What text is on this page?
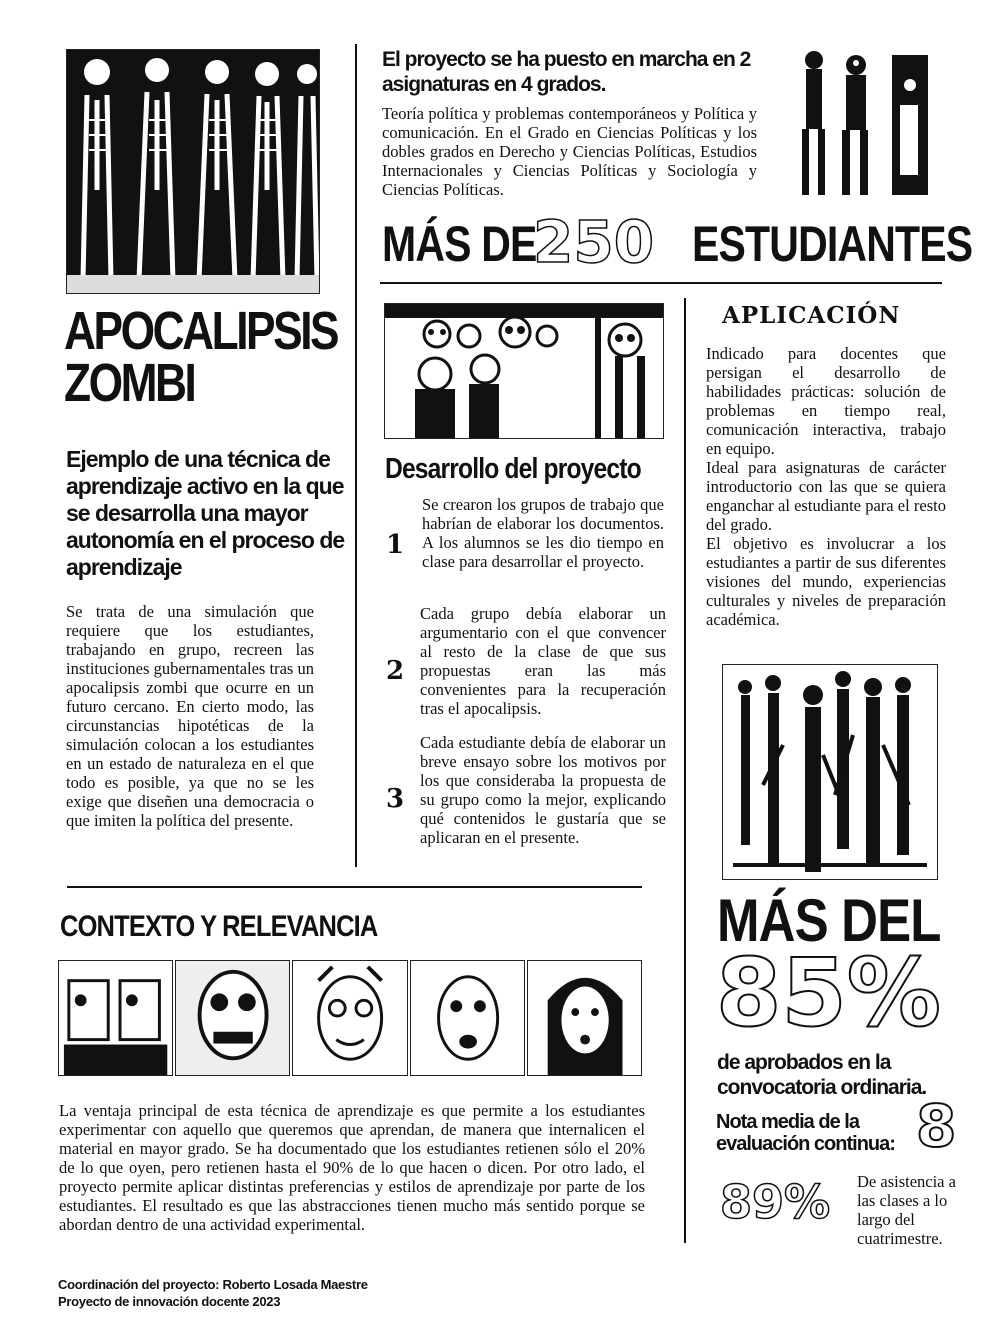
APOCALIPSIS
ZOMBI
Ejemplo de una técnica de aprendizaje activo en la que se desarrolla una mayor autonomía en el proceso de aprendizaje
Se trata de una simulación que requiere que los estudiantes, trabajando en grupo, recreen las instituciones gubernamentales tras un apocalipsis zombi que ocurre en un futuro cercano. En cierto modo, las circunstancias hipotéticas de la simulación colocan a los estudiantes en un estado de naturaleza en el que todo es posible, ya que no se les exige que diseñen una democracia o que imiten la política del presente.
El proyecto se ha puesto en marcha en 2 asignaturas en 4 grados.
Teoría política y problemas contemporáneos y Política y comunicación. En el Grado en Ciencias Políticas y los dobles grados en Derecho y Ciencias Políticas, Estudios Internacionales y Ciencias Políticas y Sociología y Ciencias Políticas.
MÁS DE
250 ESTUDIANTES
Desarrollo del proyecto
1
Se crearon los grupos de trabajo que habrían de elaborar los documentos. A los alumnos se les dio tiempo en clase para desarrollar el proyecto.
2
Cada grupo debía elaborar un argumentario con el que convencer al resto de la clase de que sus propuestas eran las más convenientes para la recuperación tras el apocalipsis.
3
Cada estudiante debía de elaborar un breve ensayo sobre los motivos por los que consideraba la propuesta de su grupo como la mejor, explicando qué contenidos le gustaría que se aplicaran en el presente.
APLICACIÓN
Indicado para docentes que persigan el desarrollo de habilidades prácticas: solución de problemas en tiempo real, comunicación interactiva, trabajo en equipo.
Ideal para asignaturas de carácter introductorio con las que se quiera enganchar al estudiante para el resto del grado.
El objetivo es involucrar a los estudiantes a partir de sus diferentes visiones del mundo, experiencias culturales y niveles de preparación académica.
MÁS DEL
85%
de aprobados en la convocatoria ordinaria.
Nota media de la evaluación continua: 8
89% De asistencia a las clases a lo largo del cuatrimestre.
CONTEXTO Y RELEVANCIA
La ventaja principal de esta técnica de aprendizaje es que permite a los estudiantes experimentar con aquello que queremos que aprendan, de manera que internalicen el material en mayor grado. Se ha documentado que los estudiantes retienen sólo el 20% de lo que oyen, pero retienen hasta el 90% de lo que hacen o dicen. Por otro lado, el proyecto permite aplicar distintas preferencias y estilos de aprendizaje por parte de los estudiantes. El resultado es que las abstracciones tienen mucho más sentido porque se abordan dentro de una actividad experimental.
Coordinación del proyecto: Roberto Losada Maestre
Proyecto de innovación docente 2023
